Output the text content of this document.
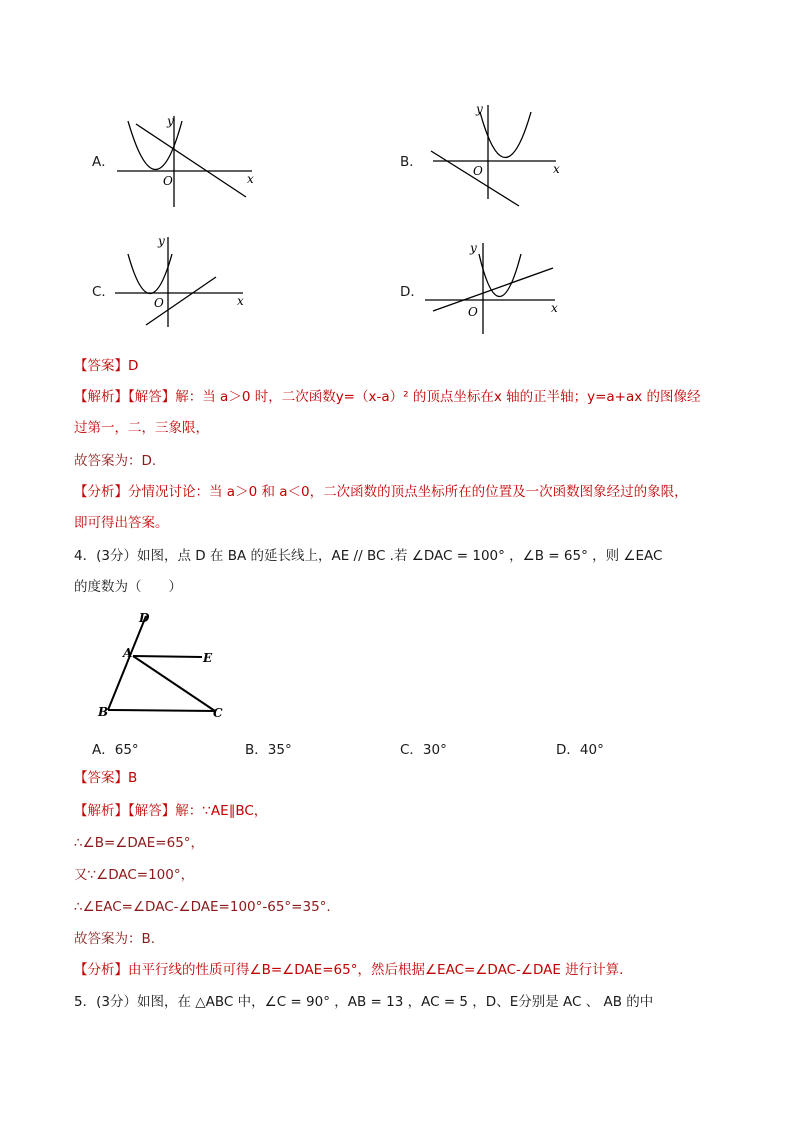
A．
x
y
O
B．	x
y
O
C．
x
y
O
D．
x
y
O
【答案】D
【解析】【解答】解：当 a＞0 时，二次函数y=（x-a）² 的顶点坐标在x 轴的正半轴；y=a+ax 的图像经
过第一，二，三象限，
故答案为：D.
【分析】分情况讨论：当 a＞0 和 a＜0，二次函数的顶点坐标所在的位置及一次函数图象经过的象限，
即可得出答案。
4．(3分）如图，点 D 在 BA 的延长线上，AE // BC .若 ∠DAC = 100° ，∠B = 65° ，则 ∠EAC
的度数为（　　）
D
A	E
B	C
A．65°	B．35°	C．30°	D．40°
【答案】B
【解析】【解答】解：∵AE∥BC，
∴∠B=∠DAE=65°，
又∵∠DAC=100°，
∴∠EAC=∠DAC-∠DAE=100°-65°=35°.
故答案为：B.
【分析】由平行线的性质可得∠B=∠DAE=65°，然后根据∠EAC=∠DAC-∠DAE 进行计算.
5．(3分）如图，在 △ABC 中，∠C = 90° ，AB = 13 ，AC = 5 ，D、E分别是 AC 、 AB 的中
